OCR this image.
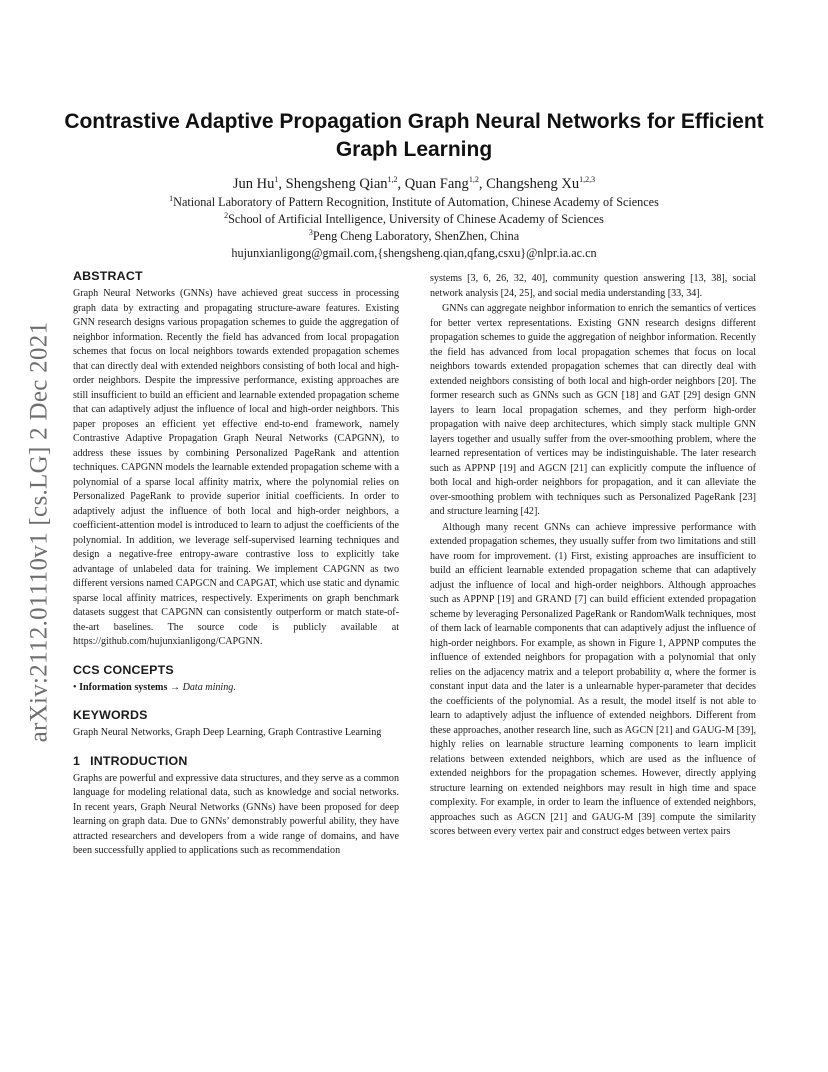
arXiv:2112.01110v1 [cs.LG] 2 Dec 2021
Contrastive Adaptive Propagation Graph Neural Networks for Efficient Graph Learning
Jun Hu$^1$, Shengsheng Qian$^{1,2}$, Quan Fang$^{1,2}$, Changsheng Xu$^{1,2,3}$
$^1$National Laboratory of Pattern Recognition, Institute of Automation, Chinese Academy of Sciences
$^2$School of Artificial Intelligence, University of Chinese Academy of Sciences
$^3$Peng Cheng Laboratory, ShenZhen, China
hujunxianligong@gmail.com,{shengsheng.qian,qfang,csxu}@nlpr.ia.ac.cn
ABSTRACT

Graph Neural Networks (GNNs) have achieved great success in processing graph data by extracting and propagating structure-aware features. Existing GNN research designs various propagation schemes to guide the aggregation of neighbor information. Recently the field has advanced from local propagation schemes that focus on local neighbors towards extended propagation schemes that can directly deal with extended neighbors consisting of both local and high-order neighbors. Despite the impressive performance, existing approaches are still insufficient to build an efficient and learnable extended propagation scheme that can adaptively adjust the influence of local and high-order neighbors. This paper proposes an efficient yet effective end-to-end framework, namely Contrastive Adaptive Propagation Graph Neural Networks (CAPGNN), to address these issues by combining Personalized PageRank and attention techniques. CAPGNN models the learnable extended propagation scheme with a polynomial of a sparse local affinity matrix, where the polynomial relies on Personalized PageRank to provide superior initial coefficients. In order to adaptively adjust the influence of both local and high-order neighbors, a coefficient-attention model is introduced to learn to adjust the coefficients of the polynomial. In addition, we leverage self-supervised learning techniques and design a negative-free entropy-aware contrastive loss to explicitly take advantage of unlabeled data for training. We implement CAPGNN as two different versions named CAPGCN and CAPGAT, which use static and dynamic sparse local affinity matrices, respectively. Experiments on graph benchmark datasets suggest that CAPGNN can consistently outperform or match state-of-the-art baselines. The source code is publicly available at https://github.com/hujunxianligong/CAPGNN.

CCS CONCEPTS

• Information systems → Data mining.

KEYWORDS

Graph Neural Networks, Graph Deep Learning, Graph Contrastive Learning

1 INTRODUCTION

Graphs are powerful and expressive data structures, and they serve as a common language for modeling relational data, such as knowledge and social networks. In recent years, Graph Neural Networks (GNNs) have been proposed for deep learning on graph data. Due to GNNs’ demonstrably powerful ability, they have attracted researchers and developers from a wide range of domains, and have been successfully applied to applications such as recommendation

systems [3, 6, 26, 32, 40], community question answering [13, 38], social network analysis [24, 25], and social media understanding [33, 34].

GNNs can aggregate neighbor information to enrich the semantics of vertices for better vertex representations. Existing GNN research designs different propagation schemes to guide the aggregation of neighbor information. Recently the field has advanced from local propagation schemes that focus on local neighbors towards extended propagation schemes that can directly deal with extended neighbors consisting of both local and high-order neighbors [20]. The former research such as GNNs such as GCN [18] and GAT [29] design GNN layers to learn local propagation schemes, and they perform high-order propagation with naive deep architectures, which simply stack multiple GNN layers together and usually suffer from the over-smoothing problem, where the learned representation of vertices may be indistinguishable. The later research such as APPNP [19] and AGCN [21] can explicitly compute the influence of both local and high-order neighbors for propagation, and it can alleviate the over-smoothing problem with techniques such as Personalized PageRank [23] and structure learning [42].

Although many recent GNNs can achieve impressive performance with extended propagation schemes, they usually suffer from two limitations and still have room for improvement. (1) First, existing approaches are insufficient to build an efficient learnable extended propagation scheme that can adaptively adjust the influence of local and high-order neighbors. Although approaches such as APPNP [19] and GRAND [7] can build efficient extended propagation scheme by leveraging Personalized PageRank or RandomWalk techniques, most of them lack of learnable components that can adaptively adjust the influence of high-order neighbors. For example, as shown in Figure 1, APPNP computes the influence of extended neighbors for propagation with a polynomial that only relies on the adjacency matrix and a teleport probability α, where the former is constant input data and the later is a unlearnable hyper-parameter that decides the coefficients of the polynomial. As a result, the model itself is not able to learn to adaptively adjust the influence of extended neighbors. Different from these approaches, another research line, such as AGCN [21] and GAUG-M [39], highly relies on learnable structure learning components to learn implicit relations between extended neighbors, which are used as the influence of extended neighbors for the propagation schemes. However, directly applying structure learning on extended neighbors may result in high time and space complexity. For example, in order to learn the influence of extended neighbors, approaches such as AGCN [21] and GAUG-M [39] compute the similarity scores between every vertex pair and construct edges between vertex pairs
